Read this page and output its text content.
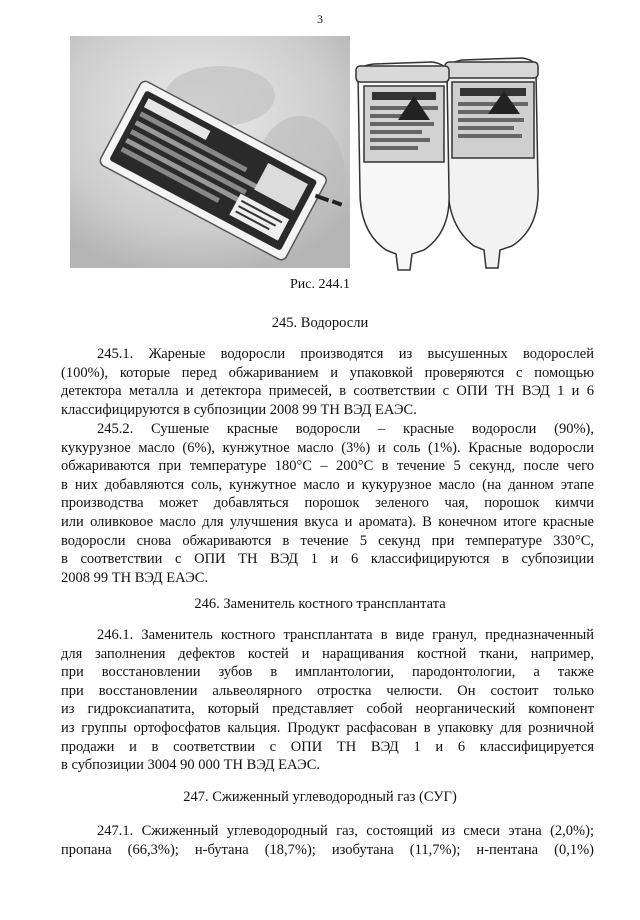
3
Рис. 244.1
245. Водоросли

245.1. Жареные водоросли производятся из высушенных водорослей
(100%), которые перед обжариванием и упаковкой проверяются с помощью
детектора металла и детектора примесей, в соответствии с ОПИ ТН ВЭД 1 и 6
классифицируются в субпозиции 2008 99 ТН ВЭД ЕАЭС.

245.2. Сушеные красные водоросли – красные водоросли (90%),
кукурузное масло (6%), кунжутное масло (3%) и соль (1%). Красные водоросли
обжариваются при температуре 180°С – 200°С в течение 5 секунд, после чего
в них добавляются соль, кунжутное масло и кукурузное масло (на данном этапе
производства может добавляться порошок зеленого чая, порошок кимчи
или оливковое масло для улучшения вкуса и аромата). В конечном итоге красные
водоросли снова обжариваются в течение 5 секунд при температуре 330°С,
в соответствии с ОПИ ТН ВЭД 1 и 6 классифицируются в субпозиции
2008 99 ТН ВЭД ЕАЭС.

246. Заменитель костного трансплантата

246.1. Заменитель костного трансплантата в виде гранул, предназначенный
для заполнения дефектов костей и наращивания костной ткани, например,
при восстановлении зубов в имплантологии, пародонтологии, а также
при восстановлении альвеолярного отростка челюсти. Он состоит только
из гидроксиапатита, который представляет собой неорганический компонент
из группы ортофосфатов кальция. Продукт расфасован в упаковку для розничной
продажи и в соответствии с ОПИ ТН ВЭД 1 и 6 классифицируется
в субпозиции 3004 90 000 ТН ВЭД ЕАЭС.

247. Сжиженный углеводородный газ (СУГ)

247.1. Сжиженный углеводородный газ, состоящий из смеси этана (2,0%);
пропана (66,3%); н-бутана (18,7%); изобутана (11,7%); н-пентана (0,1%)
